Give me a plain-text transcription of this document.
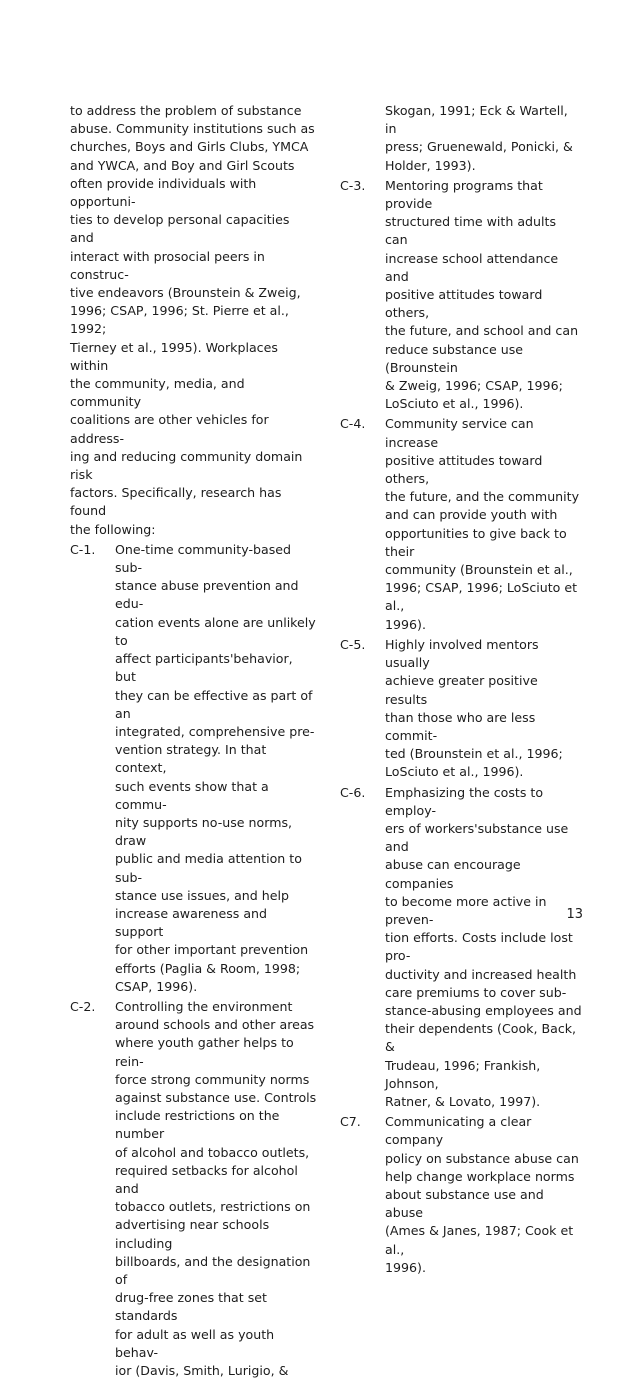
to address the problem of substance
abuse. Community institutions such as
churches, Boys and Girls Clubs, YMCA
and YWCA, and Boy and Girl Scouts
often provide individuals with opportuni-
ties to develop personal capacities and
interact with prosocial peers in construc-
tive endeavors (Brounstein & Zweig,
1996; CSAP, 1996; St. Pierre et al., 1992;
Tierney et al., 1995). Workplaces within
the community, media, and community
coalitions are other vehicles for address-
ing and reducing community domain risk
factors. Specifically, research has found
the following:

C-1. One-time community-based sub-
stance abuse prevention and edu-
cation events alone are unlikely to
affect participants'behavior, but
they can be effective as part of an
integrated, comprehensive pre-
vention strategy. In that context,
such events show that a commu-
nity supports no-use norms, draw
public and media attention to sub-
stance use issues, and help
increase awareness and support
for other important prevention
efforts (Paglia & Room, 1998;
CSAP, 1996).
C-2. Controlling the environment
around schools and other areas
where youth gather helps to rein-
force strong community norms
against substance use. Controls
include restrictions on the number
of alcohol and tobacco outlets,
required setbacks for alcohol and
tobacco outlets, restrictions on
advertising near schools including
billboards, and the designation of
drug-free zones that set standards
for adult as well as youth behav-
ior (Davis, Smith, Lurigio, &

Skogan, 1991; Eck & Wartell, in
press; Gruenewald, Ponicki, &
Holder, 1993).

C-3. Mentoring programs that provide
structured time with adults can
increase school attendance and
positive attitudes toward others,
the future, and school and can
reduce substance use (Brounstein
& Zweig, 1996; CSAP, 1996;
LoSciuto et al., 1996).
C-4. Community service can increase
positive attitudes toward others,
the future, and the community
and can provide youth with
opportunities to give back to their
community (Brounstein et al.,
1996; CSAP, 1996; LoSciuto et al.,
1996).
C-5. Highly involved mentors usually
achieve greater positive results
than those who are less commit-
ted (Brounstein et al., 1996;
LoSciuto et al., 1996).
C-6. Emphasizing the costs to employ-
ers of workers'substance use and
abuse can encourage companies
to become more active in preven-
tion efforts. Costs include lost pro-
ductivity and increased health
care premiums to cover sub-
stance-abusing employees and
their dependents (Cook, Back, &
Trudeau, 1996; Frankish, Johnson,
Ratner, & Lovato, 1997).
C7. Communicating a clear company
policy on substance abuse can
help change workplace norms
about substance use and abuse
(Ames & Janes, 1987; Cook et al.,
1996).
13
